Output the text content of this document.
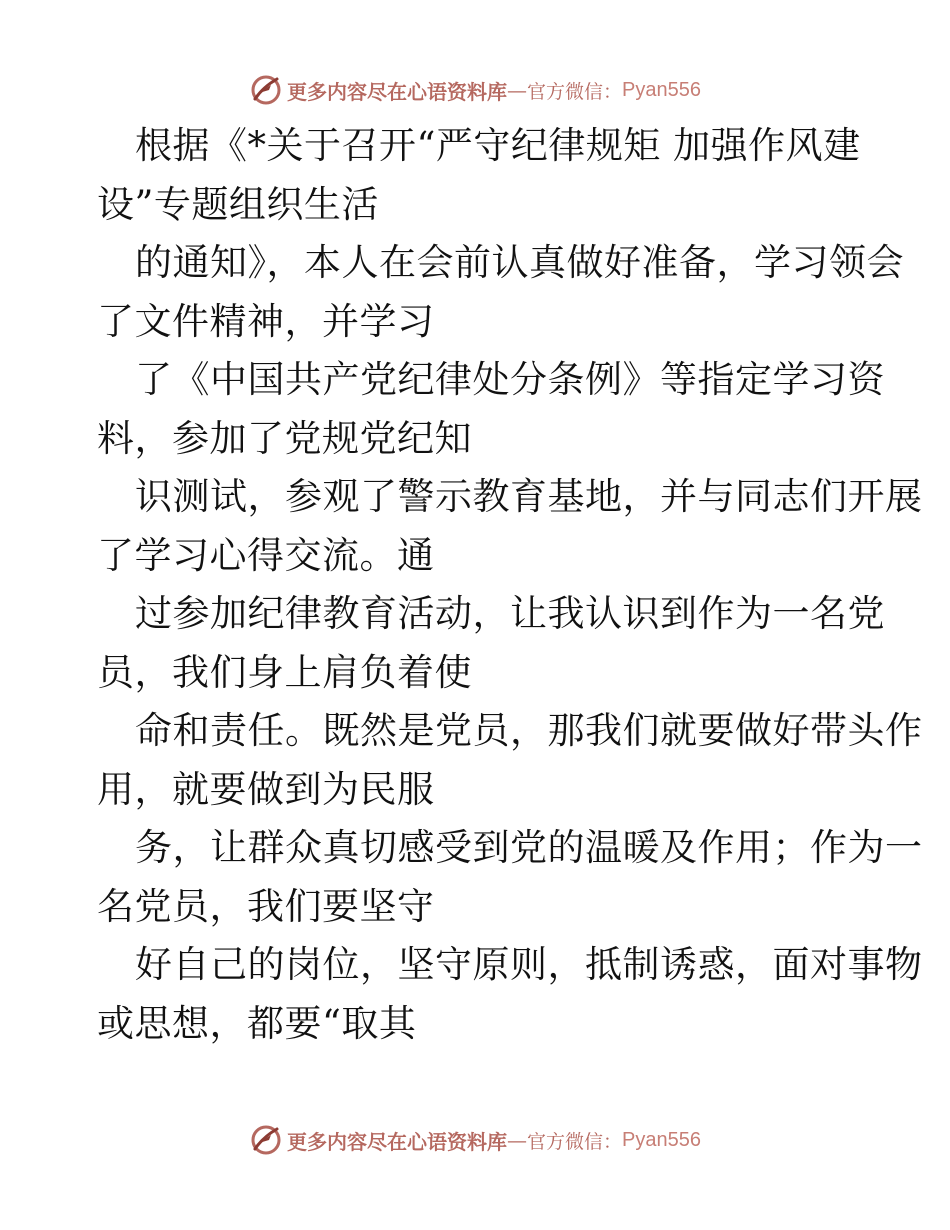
更多内容尽在心语资料库 — 官方微信： Pyan556
根据《*关于召开“严守纪律规矩 加强作风建
设”专题组织生活
的通知》，本人在会前认真做好准备，学习领会
了文件精神，并学习
了《中国共产党纪律处分条例》等指定学习资
料，参加了党规党纪知
识测试，参观了警示教育基地，并与同志们开展
了学习心得交流。通
过参加纪律教育活动，让我认识到作为一名党
员，我们身上肩负着使
命和责任。既然是党员，那我们就要做好带头作
用，就要做到为民服
务，让群众真切感受到党的温暖及作用；作为一
名党员，我们要坚守
好自己的岗位，坚守原则，抵制诱惑，面对事物
或思想，都要“取其
更多内容尽在心语资料库 — 官方微信： Pyan556
